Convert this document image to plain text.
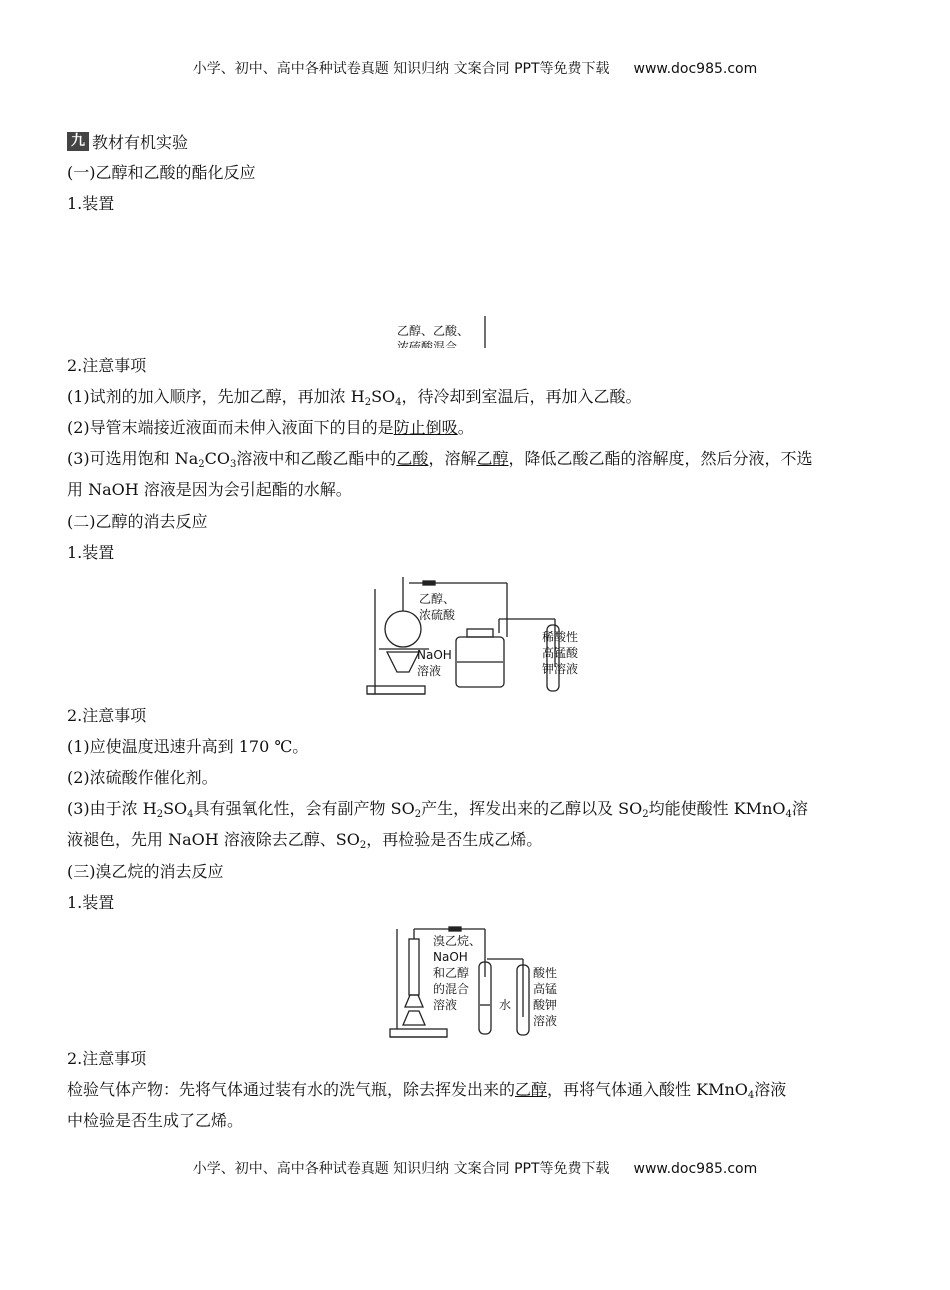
小学、初中、高中各种试卷真题 知识归纳 文案合同 PPT等免费下载 www.doc985.com
九 教材有机实验

(一)乙醇和乙酸的酯化反应

1.装置

乙醇、乙酸、
浓硫酸混合

2.注意事项

(1)试剂的加入顺序，先加乙醇，再加浓 $H_2SO_4$，待冷却到室温后，再加入乙酸。

(2)导管末端接近液面而未伸入液面下的目的是防止倒吸。

(3)可选用饱和 $Na_2CO_3$溶液中和乙酸乙酯中的乙酸，溶解乙醇，降低乙酸乙酯的溶解度，然后分液，不选

用 NaOH 溶液是因为会引起酯的水解。

(二)乙醇的消去反应

1.装置

乙醇、
浓硫酸
NaOH
溶液
稀酸性
高锰酸
钾溶液

2.注意事项

(1)应使温度迅速升高到 170 ℃。

(2)浓硫酸作催化剂。

(3)由于浓 $H_2SO_4$具有强氧化性，会有副产物 $SO_2$产生，挥发出来的乙醇以及 $SO_2$均能使酸性 KMnO$_4$溶

液褪色，先用 NaOH 溶液除去乙醇、$SO_2$，再检验是否生成乙烯。

(三)溴乙烷的消去反应

1.装置

溴乙烷、
NaOH
和乙醇
的混合
溶液	水
酸性
高锰
酸钾
溶液

2.注意事项

检验气体产物：先将气体通过装有水的洗气瓶，除去挥发出来的乙醇，再将气体通入酸性 KMnO$_4$溶液

中检验是否生成了乙烯。

小学、初中、高中各种试卷真题 知识归纳 文案合同 PPT等免费下载 www.doc985.com
